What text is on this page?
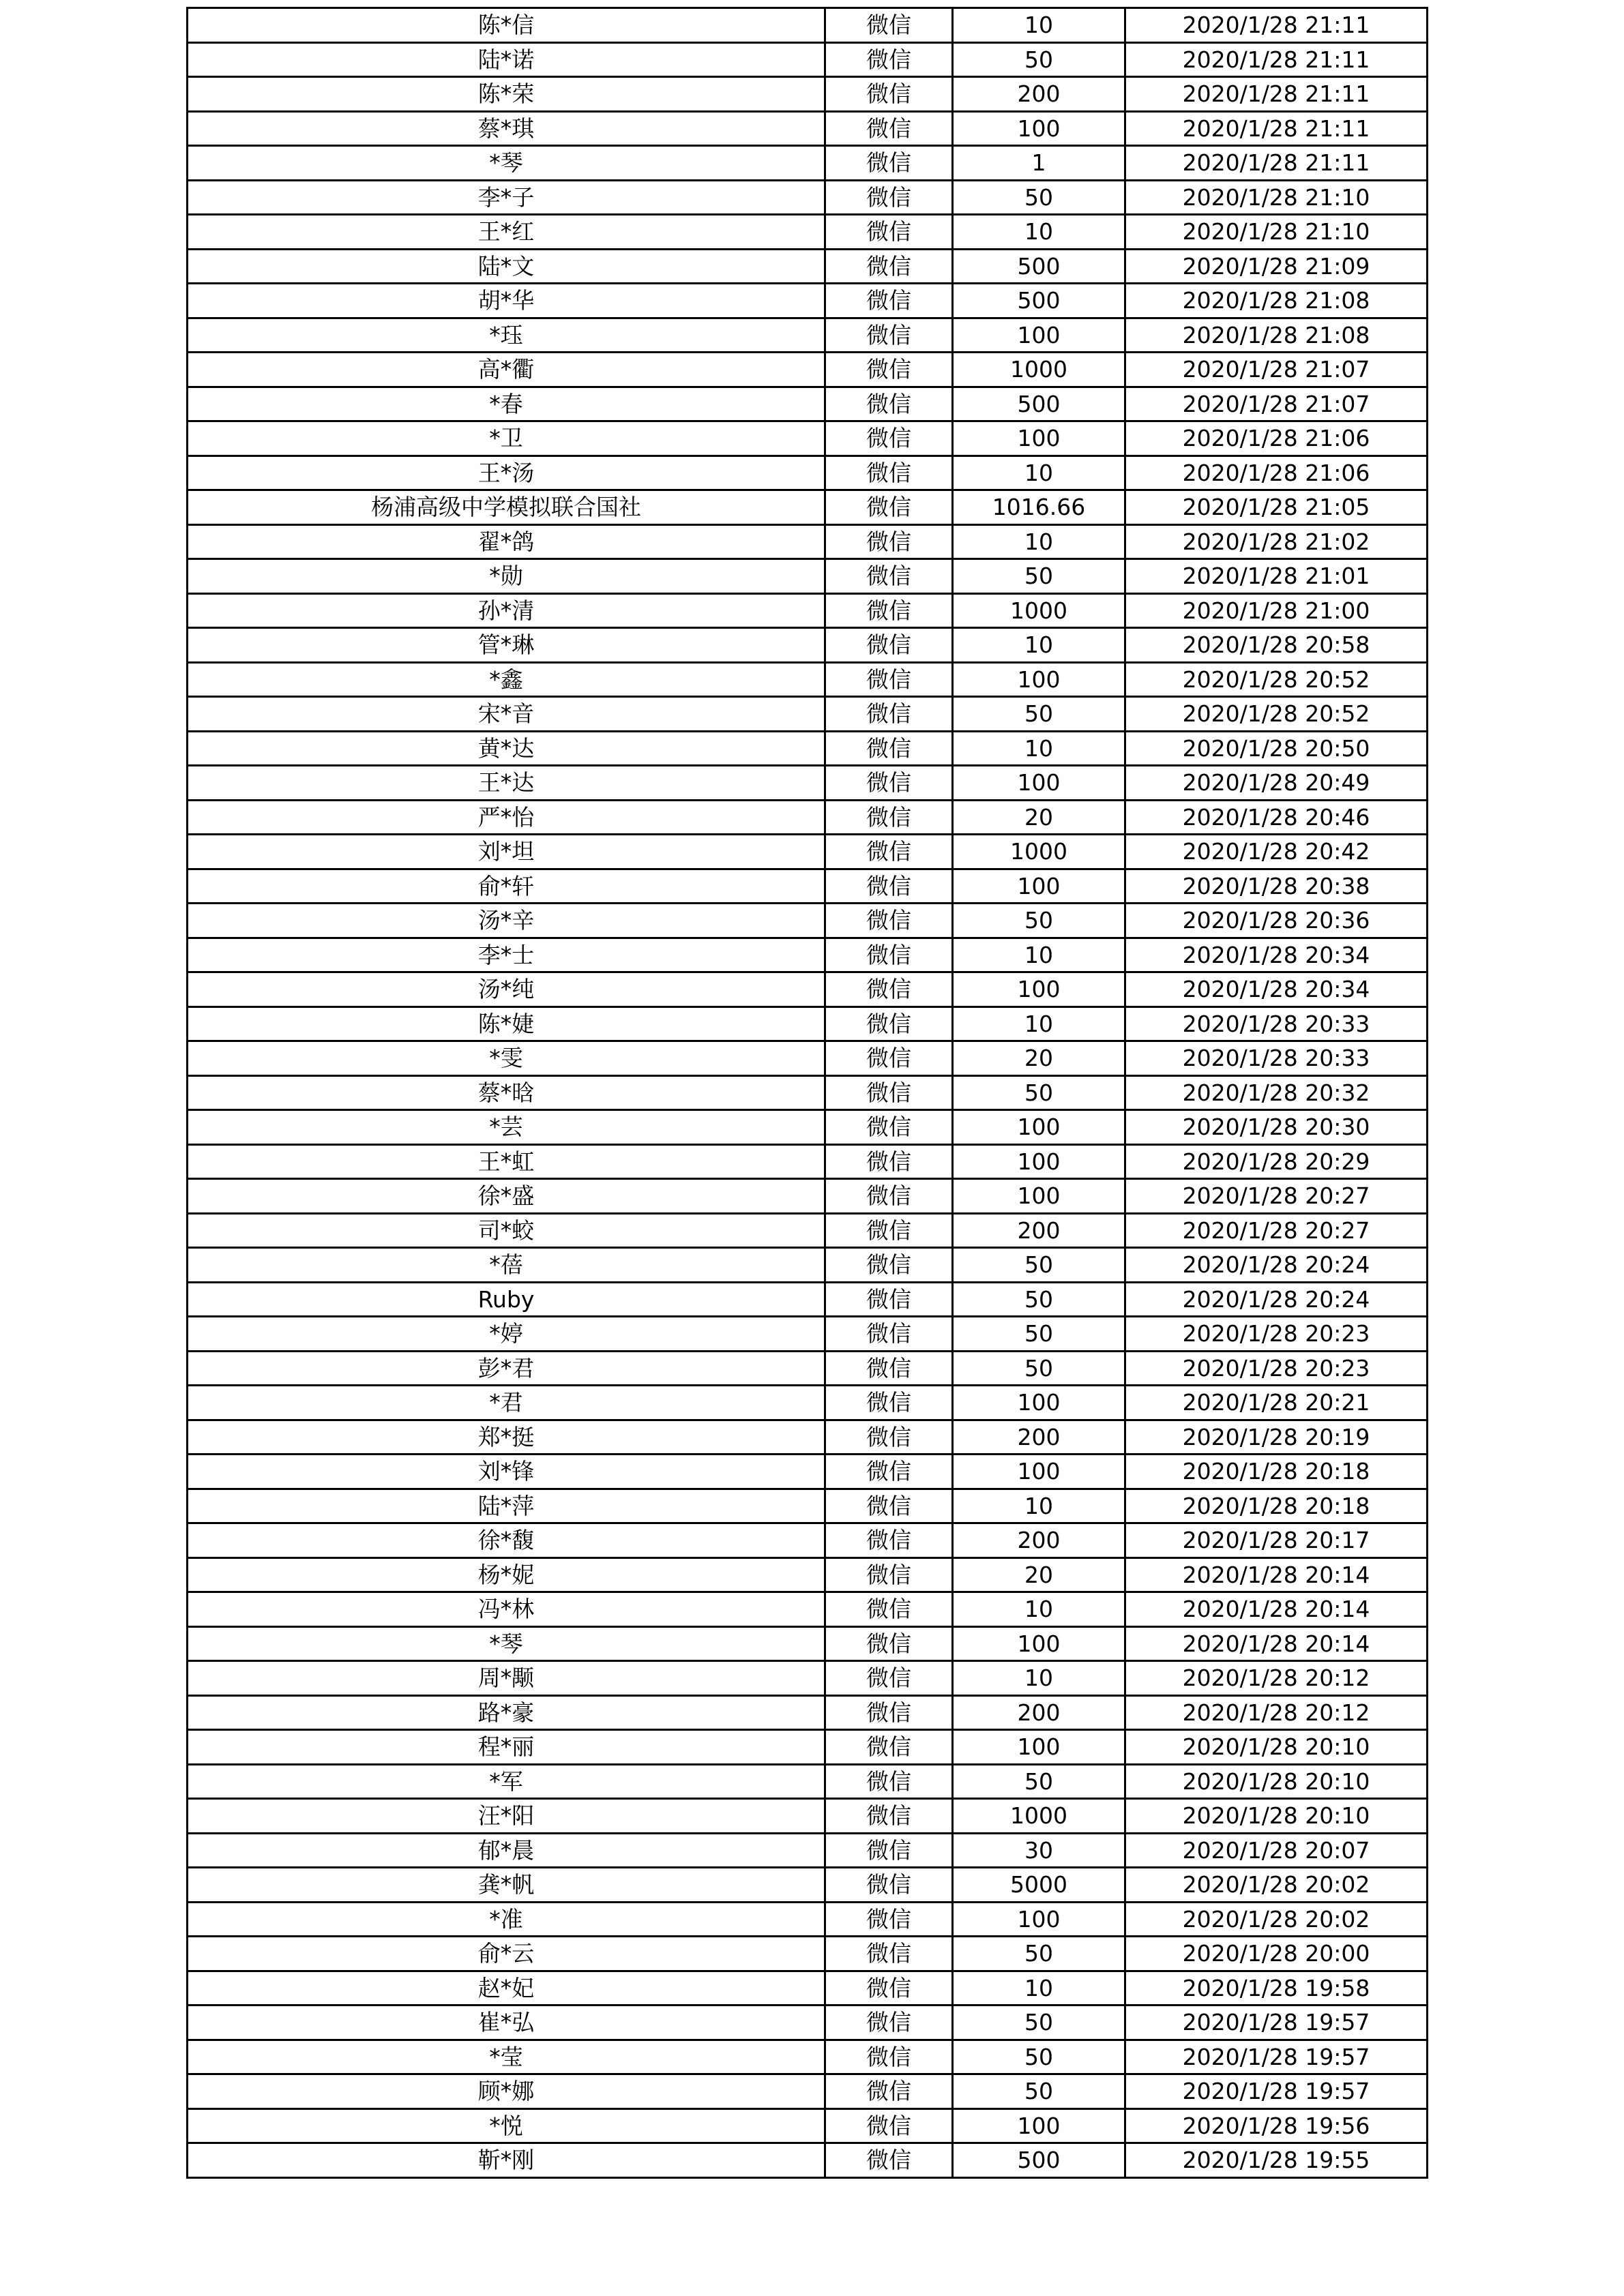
陈*信	微信	10	2020/1/28 21:11
陆*诺	微信	50	2020/1/28 21:11
陈*荣	微信	200	2020/1/28 21:11
蔡*琪	微信	100	2020/1/28 21:11
*琴	微信	1	2020/1/28 21:11
李*子	微信	50	2020/1/28 21:10
王*红	微信	10	2020/1/28 21:10
陆*文	微信	500	2020/1/28 21:09
胡*华	微信	500	2020/1/28 21:08
*珏	微信	100	2020/1/28 21:08
高*衢	微信	1000	2020/1/28 21:07
*春	微信	500	2020/1/28 21:07
*卫	微信	100	2020/1/28 21:06
王*汤	微信	10	2020/1/28 21:06
杨浦高级中学模拟联合国社	微信	1016.66	2020/1/28 21:05
翟*鸽	微信	10	2020/1/28 21:02
*勋	微信	50	2020/1/28 21:01
孙*清	微信	1000	2020/1/28 21:00
管*琳	微信	10	2020/1/28 20:58
*鑫	微信	100	2020/1/28 20:52
宋*音	微信	50	2020/1/28 20:52
黄*达	微信	10	2020/1/28 20:50
王*达	微信	100	2020/1/28 20:49
严*怡	微信	20	2020/1/28 20:46
刘*坦	微信	1000	2020/1/28 20:42
俞*轩	微信	100	2020/1/28 20:38
汤*辛	微信	50	2020/1/28 20:36
李*士	微信	10	2020/1/28 20:34
汤*纯	微信	100	2020/1/28 20:34
陈*婕	微信	10	2020/1/28 20:33
*雯	微信	20	2020/1/28 20:33
蔡*晗	微信	50	2020/1/28 20:32
*芸	微信	100	2020/1/28 20:30
王*虹	微信	100	2020/1/28 20:29
徐*盛	微信	100	2020/1/28 20:27
司*蛟	微信	200	2020/1/28 20:27
*蓓	微信	50	2020/1/28 20:24
Ruby	微信	50	2020/1/28 20:24
*婷	微信	50	2020/1/28 20:23
彭*君	微信	50	2020/1/28 20:23
*君	微信	100	2020/1/28 20:21
郑*挺	微信	200	2020/1/28 20:19
刘*锋	微信	100	2020/1/28 20:18
陆*萍	微信	10	2020/1/28 20:18
徐*馥	微信	200	2020/1/28 20:17
杨*妮	微信	20	2020/1/28 20:14
冯*林	微信	10	2020/1/28 20:14
*琴	微信	100	2020/1/28 20:14
周*颙	微信	10	2020/1/28 20:12
路*豪	微信	200	2020/1/28 20:12
程*丽	微信	100	2020/1/28 20:10
*军	微信	50	2020/1/28 20:10
汪*阳	微信	1000	2020/1/28 20:10
郁*晨	微信	30	2020/1/28 20:07
龚*帆	微信	5000	2020/1/28 20:02
*准	微信	100	2020/1/28 20:02
俞*云	微信	50	2020/1/28 20:00
赵*妃	微信	10	2020/1/28 19:58
崔*弘	微信	50	2020/1/28 19:57
*莹	微信	50	2020/1/28 19:57
顾*娜	微信	50	2020/1/28 19:57
*悦	微信	100	2020/1/28 19:56
靳*刚	微信	500	2020/1/28 19:55
